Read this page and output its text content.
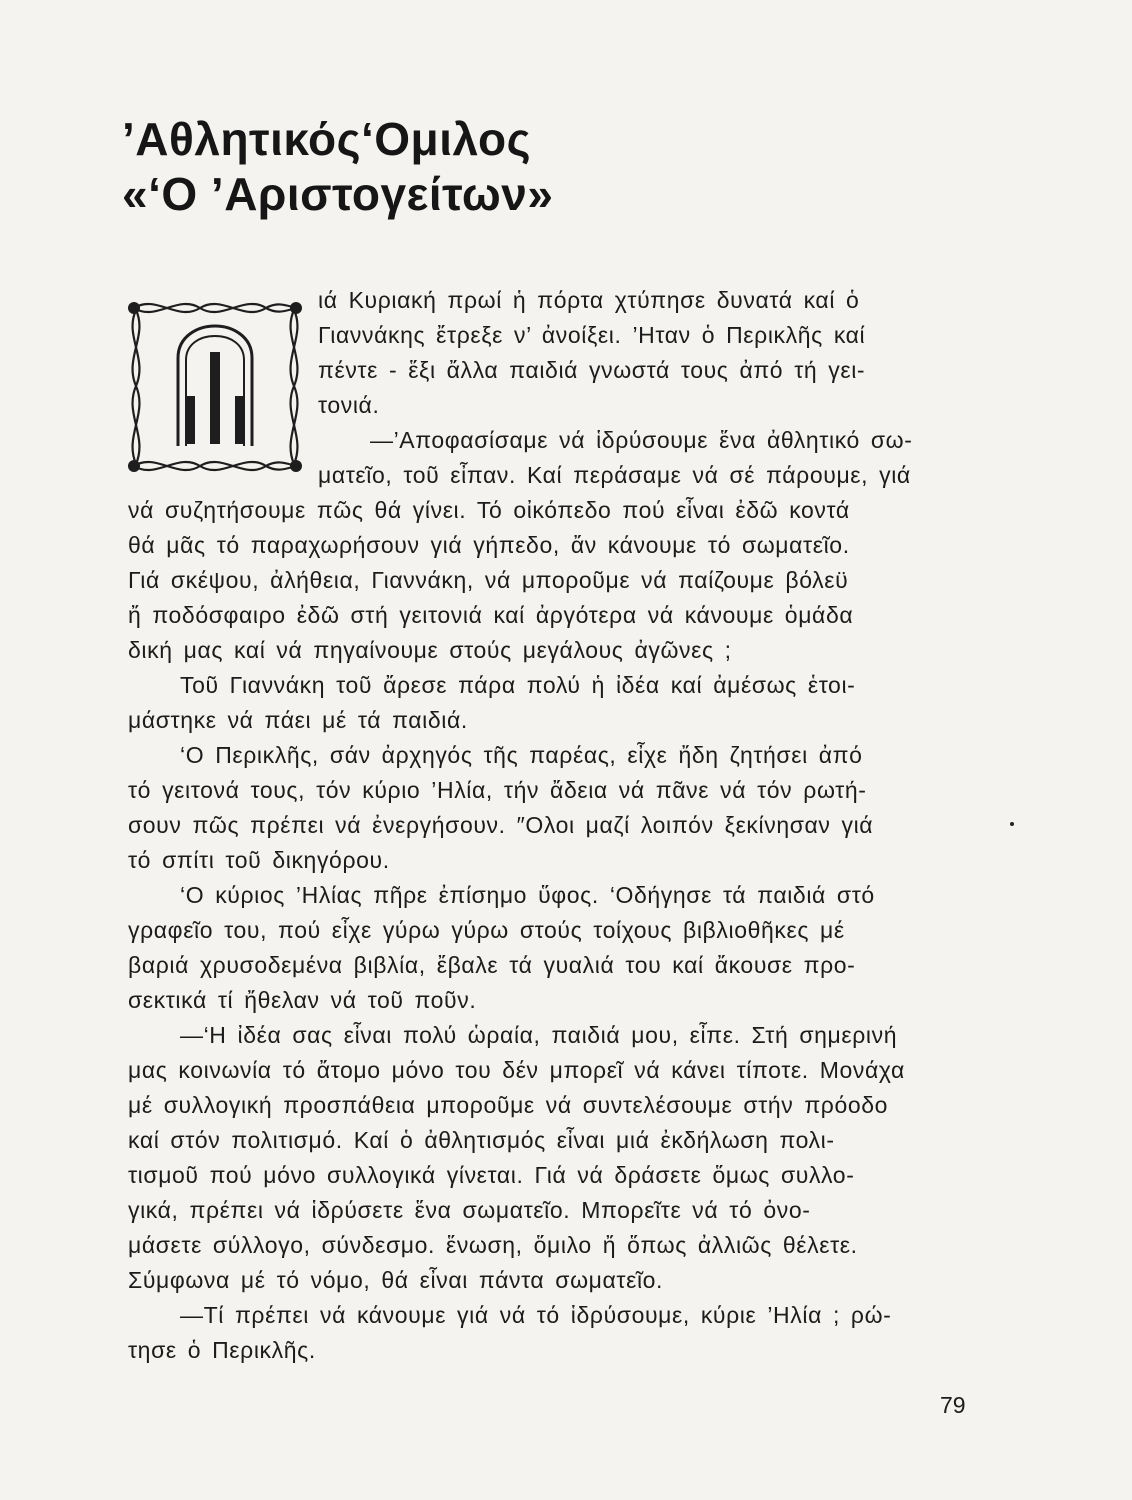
’Αθλητικός‘Ομιλος
«‘Ο ’Αριστογείτων»
ιά Κυριακή πρωί ἡ πόρτα χτύπησε δυνατά καί ὁ
Γιαννάκης ἔτρεξε ν’ ἀνοίξει. ’Ηταν ὁ Περικλῆς καί
πέντε - ἕξι ἄλλα παιδιά γνωστά τους ἀπό τή γει-
τονιά.
—’Αποφασίσαμε νά ἱδρύσουμε ἕνα ἀθλητικό σω-
ματεῖο, τοῦ εἶπαν. Καί περάσαμε νά σέ πάρουμε, γιά
νά συζητήσουμε πῶς θά γίνει. Τό οἰκόπεδο πού εἶναι ἐδῶ κοντά
θά μᾶς τό παραχωρήσουν γιά γήπεδο, ἄν κάνουμε τό σωματεῖο.
Γιά σκέψου, ἀλήθεια, Γιαννάκη, νά μποροῦμε νά παίζουμε βόλεϋ
ἤ ποδόσφαιρο ἐδῶ στή γειτονιά καί ἀργότερα νά κάνουμε ὁμάδα
δική μας καί νά πηγαίνουμε στούς μεγάλους ἀγῶνες ;
Τοῦ Γιαννάκη τοῦ ἄρεσε πάρα πολύ ἡ ἰδέα καί ἀμέσως ἑτοι-
μάστηκε νά πάει μέ τά παιδιά.
‘Ο Περικλῆς, σάν ἀρχηγός τῆς παρέας, εἶχε ἤδη ζητήσει ἀπό
τό γειτονά τους, τόν κύριο ’Ηλία, τήν ἄδεια νά πᾶνε νά τόν ρωτή-
σουν πῶς πρέπει νά ἐνεργήσουν. ″Ολοι μαζί λοιπόν ξεκίνησαν γιά
τό σπίτι τοῦ δικηγόρου.
‘Ο κύριος ’Ηλίας πῆρε ἐπίσημο ὕφος. ‘Οδήγησε τά παιδιά στό
γραφεῖο του, πού εἶχε γύρω γύρω στούς τοίχους βιβλιοθῆκες μέ
βαριά χρυσοδεμένα βιβλία, ἔβαλε τά γυαλιά του καί ἄκουσε προ-
σεκτικά τί ἤθελαν νά τοῦ ποῦν.
—‘Η ἰδέα σας εἶναι πολύ ὡραία, παιδιά μου, εἶπε. Στή σημερινή
μας κοινωνία τό ἄτομο μόνο του δέν μπορεῖ νά κάνει τίποτε. Μονάχα
μέ συλλογική προσπάθεια μποροῦμε νά συντελέσουμε στήν πρόοδο
καί στόν πολιτισμό. Καί ὁ ἀθλητισμός εἶναι μιά ἐκδήλωση πολι-
τισμοῦ πού μόνο συλλογικά γίνεται. Γιά νά δράσετε ὅμως συλλο-
γικά, πρέπει νά ἱδρύσετε ἕνα σωματεῖο. Μπορεῖτε νά τό ὀνο-
μάσετε σύλλογο, σύνδεσμο. ἕνωση, ὅμιλο ἤ ὅπως ἀλλιῶς θέλετε.
Σύμφωνα μέ τό νόμο, θά εἶναι πάντα σωματεῖο.
—Τί πρέπει νά κάνουμε γιά νά τό ἱδρύσουμε, κύριε ’Ηλία ; ρώ-
τησε ὁ Περικλῆς.
79
